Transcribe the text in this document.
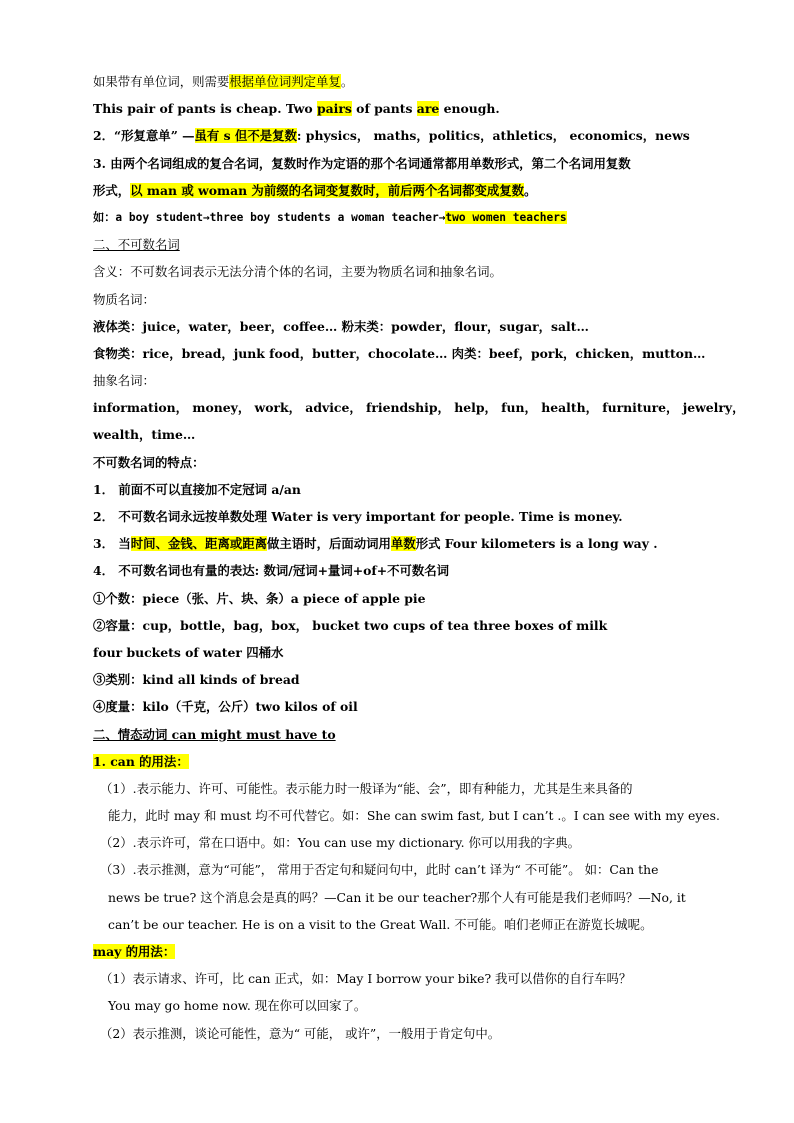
如果带有单位词，则需要根据单位词判定单复。
This pair of pants is cheap. Two pairs of pants are enough.
2．“形复意单” —虽有 s 但不是复数: physics， maths，politics，athletics， economics，news
3. 由两个名词组成的复合名词，复数时作为定语的那个名词通常都用单数形式，第二个名词用复数
形式，以 man 或 woman 为前缀的名词变复数时，前后两个名词都变成复数。
如：a boy student→three boy students a woman teacher→two women teachers
二、不可数名词
含义：不可数名词表示无法分清个体的名词，主要为物质名词和抽象名词。
物质名词：
液体类：juice，water，beer，coffee… 粉末类：powder，flour，sugar，salt…
食物类：rice，bread，junk food，butter，chocolate… 肉类：beef，pork，chicken，mutton…
抽象名词：
information， money， work， advice， friendship， help， fun， health， furniture， jewelry，
wealth，time…
不可数名词的特点：
1． 前面不可以直接加不定冠词 a/an
2． 不可数名词永远按单数处理 Water is very important for people. Time is money.
3． 当时间、金钱、距离或距离做主语时，后面动词用单数形式 Four kilometers is a long way .
4． 不可数名词也有量的表达: 数词/冠词+量词+of+不可数名词
①个数：piece（张、片、块、条）a piece of apple pie
②容量：cup，bottle，bag，box， bucket two cups of tea three boxes of milk
four buckets of water 四桶水
③类别：kind all kinds of bread
④度量：kilo（千克，公斤）two kilos of oil
二、情态动词 can might must have to
1. can 的用法：
（1）.表示能力、许可、可能性。表示能力时一般译为“能、会”，即有种能力，尤其是生来具备的
能力，此时 may 和 must 均不可代替它。如：She can swim fast, but I can’t .。I can see with my eyes.
（2）.表示许可，常在口语中。如：You can use my dictionary. 你可以用我的字典。
（3）.表示推测，意为“可能”， 常用于否定句和疑问句中，此时 can’t 译为“ 不可能”。 如：Can the
news be true? 这个消息会是真的吗？—Can it be our teacher?那个人有可能是我们老师吗？—No, it
can’t be our teacher. He is on a visit to the Great Wall. 不可能。咱们老师正在游览长城呢。
may 的用法：
（1）表示请求、许可，比 can 正式，如：May I borrow your bike? 我可以借你的自行车吗？
You may go home now. 现在你可以回家了。
（2）表示推测，谈论可能性，意为“ 可能， 或许”，一般用于肯定句中。
